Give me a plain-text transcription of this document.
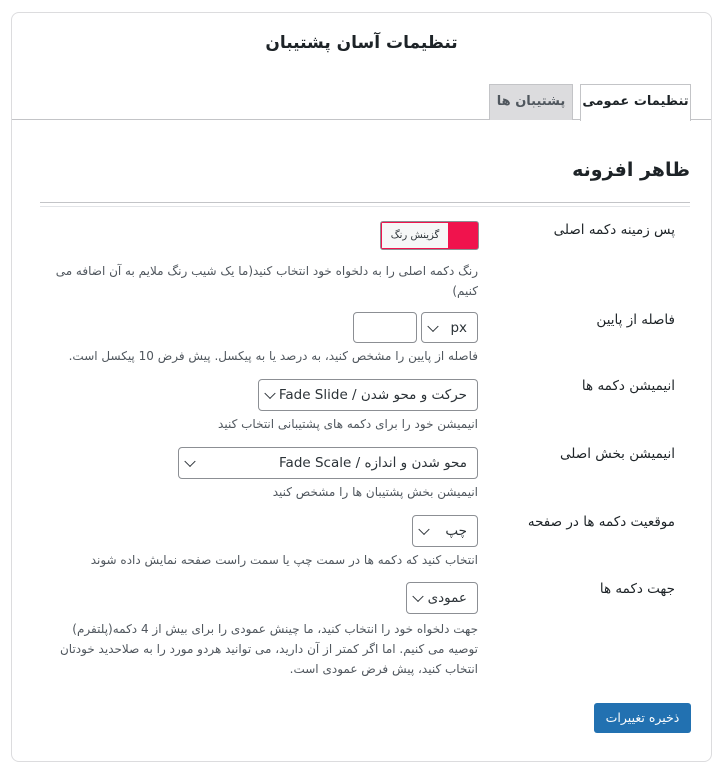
تنظیمات آسان پشتیبان
پشتیبان ها	تنظیمات عمومی
ظاهر افزونه
پس زمینه دکمه اصلی
گزینش رنگ
رنگ دکمه اصلی را به دلخواه خود انتخاب کنید(ما یک شیب رنگ ملایم به آن اضافه می کنیم)
فاصله از پایین
px
فاصله از پایین را مشخص کنید، به درصد یا به پیکسل. پیش فرض 10 پیکسل است.
انیمیشن دکمه ها
Fade Slide / حرکت و محو شدن
انیمیشن خود را برای دکمه های پشتیبانی انتخاب کنید
انیمیشن بخش اصلی
Fade Scale / محو شدن و اندازه
انیمیشن بخش پشتیبان ها را مشخص کنید
موقعیت دکمه ها در صفحه
چپ
انتخاب کنید که دکمه ها در سمت چپ یا سمت راست صفحه نمایش داده شوند
جهت دکمه ها
عمودی
جهت دلخواه خود را انتخاب کنید، ما چینش عمودی را برای بیش از 4 دکمه(پلتفرم) توصیه می کنیم. اما اگر کمتر از آن دارید، می توانید هردو مورد را به صلاحدید خودتان انتخاب کنید، پیش فرض عمودی است.
ذخیره تغییرات
